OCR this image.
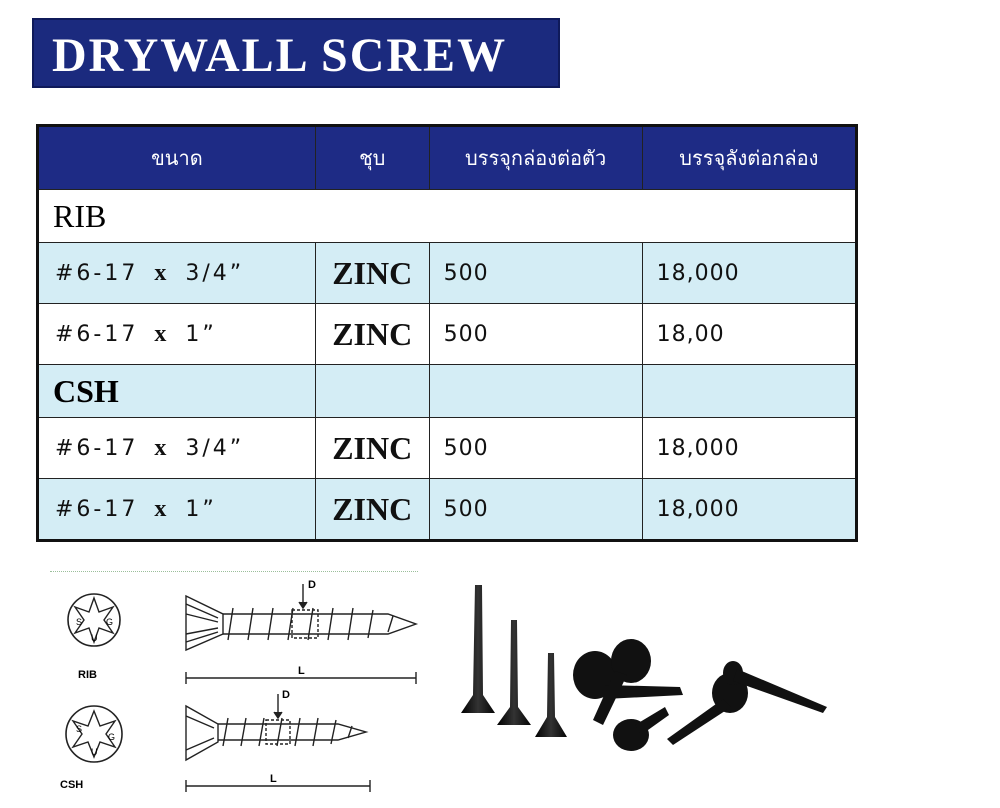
DRYWALL SCREW
ขนาด	ชุบ	บรรจุกล่องต่อตัว	บรรจุลังต่อกล่อง
RIB			
#6-17 x 3/4”	ZINC	500	18,000
#6-17 x 1”	ZINC	500	18,00
CSH			
#6-17 x 3/4”	ZINC	500	18,000
#6-17 x 1”	ZINC	500	18,000
S	G
U
RIB
D
L
S
G
U
CSH
D
L
